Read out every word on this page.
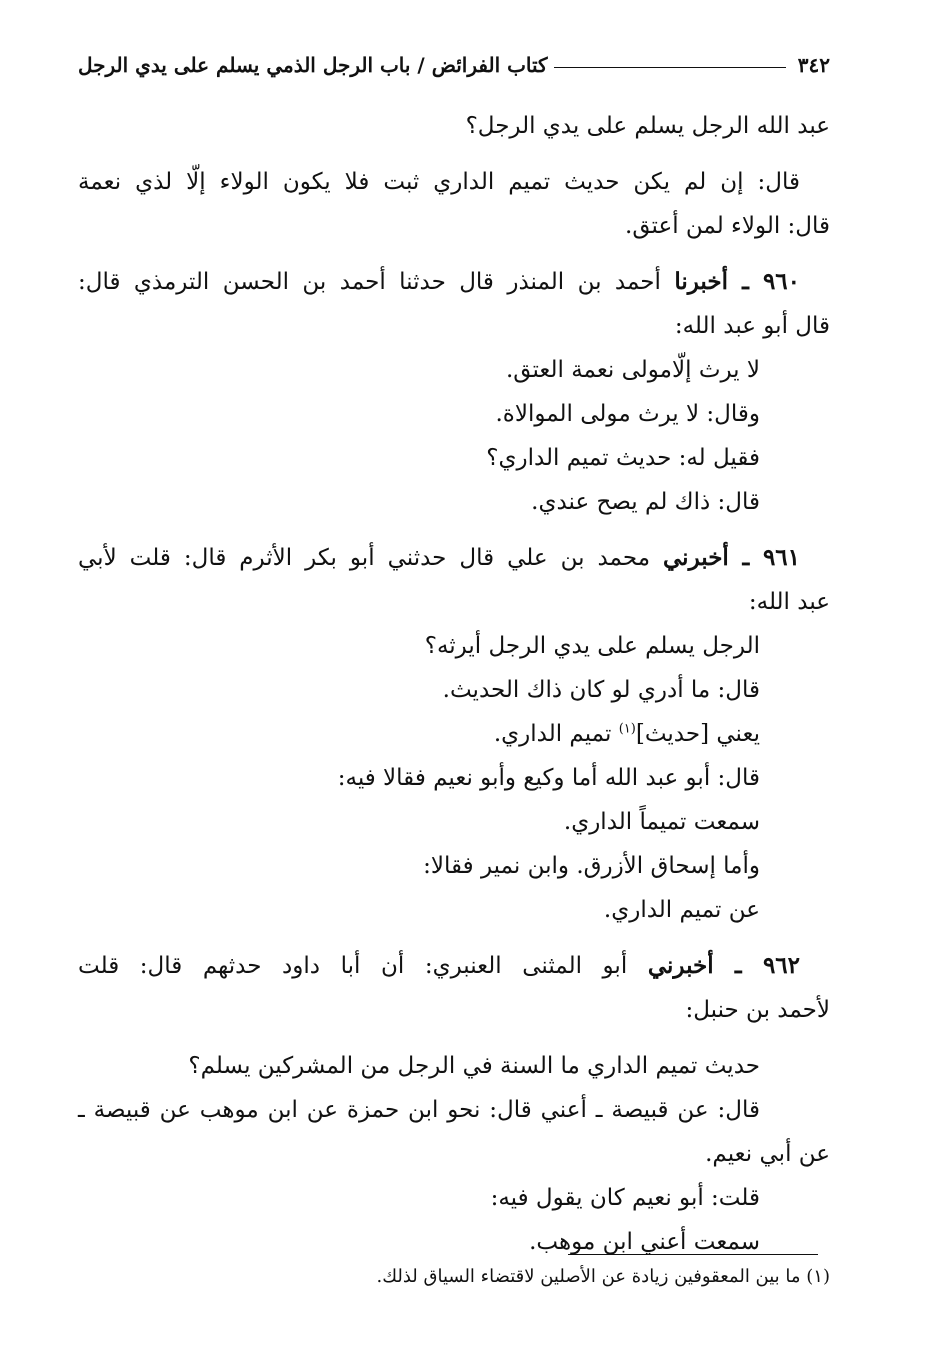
٣٤٢
كتاب الفرائض / باب الرجل الذمي يسلم على يدي الرجل
عبد الله الرجل يسلم على يدي الرجل؟
قال: إن لم يكن حديث تميم الداري ثبت فلا يكون الولاء إلّا لذي نعمة
قال: الولاء لمن أعتق.
٩٦٠ ـ أخبرنا أحمد بن المنذر قال حدثنا أحمد بن الحسن الترمذي قال:
قال أبو عبد الله:
لا يرث إلّامولى نعمة العتق.
وقال: لا يرث مولى الموالاة.
فقيل له: حديث تميم الداري؟
قال: ذاك لم يصح عندي.
٩٦١ ـ أخبرني محمد بن علي قال حدثني أبو بكر الأثرم قال: قلت لأبي
عبد الله:
الرجل يسلم على يدي الرجل أيرثه؟
قال: ما أدري لو كان ذاك الحديث.
يعني [حديث]$^{(١)}$ تميم الداري.
قال: أبو عبد الله أما وكيع وأبو نعيم فقالا فيه:
سمعت تميماً الداري.
وأما إسحاق الأزرق. وابن نمير فقالا:
عن تميم الداري.
٩٦٢ ـ أخبرني أبو المثنى العنبري: أن أبا داود حدثهم قال: قلت
لأحمد بن حنبل:
حديث تميم الداري ما السنة في الرجل من المشركين يسلم؟
قال: عن قبيصة ـ أعني قال: نحو ابن حمزة عن ابن موهب عن قبيصة ـ
عن أبي نعيم.
قلت: أبو نعيم كان يقول فيه:
سمعت أعني ابن موهب.
(١) ما بين المعقوفين زيادة عن الأصلين لاقتضاء السياق لذلك.
